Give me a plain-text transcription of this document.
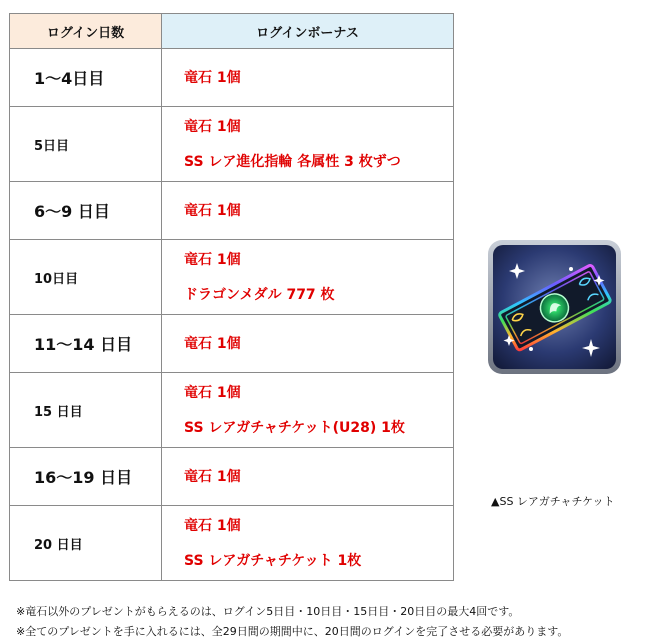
ログイン日数	ログインボーナス
1〜4日目	竜石 1個

5日目	竜石 1個
SS レア進化指輪 各属性 3 枚ずつ

6〜9 日目	竜石 1個

10日目	竜石 1個
ドラゴンメダル 777 枚

11〜14 日目	竜石 1個

15 日目	竜石 1個
SS レアガチャチケット(U28) 1枚

16〜19 日目	竜石 1個

20 日目	竜石 1個
SS レアガチャチケット 1枚
▲SS レアガチャチケット
※竜石以外のプレゼントがもらえるのは、ログイン5日目・10日目・15日目・20日目の最大4回です。
※全てのプレゼントを手に入れるには、全29日間の期間中に、20日間のログインを完了させる必要があります。
